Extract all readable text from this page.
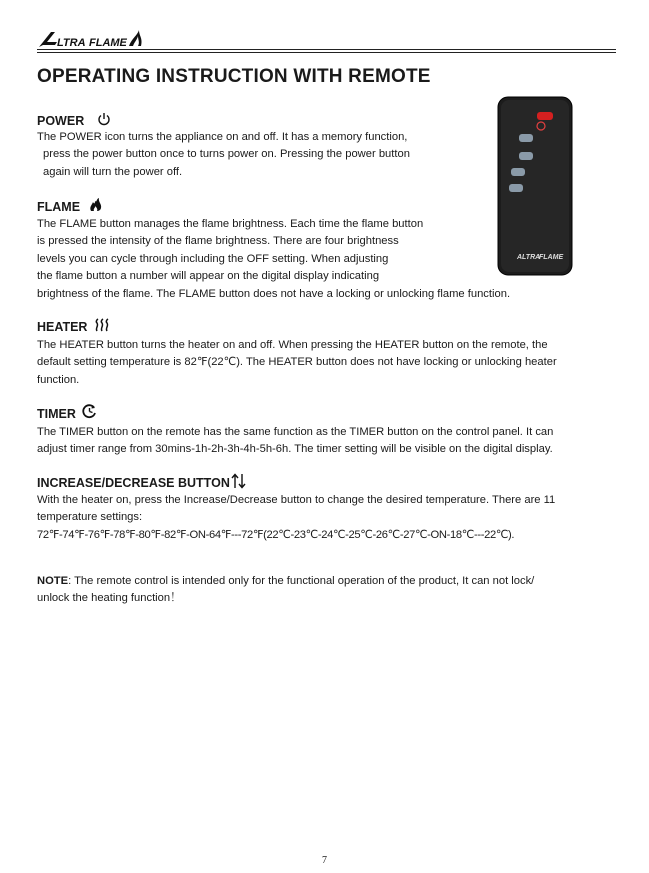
LTRA FLAME
OPERATING INSTRUCTION WITH REMOTE
ALTRA
FLAME
POWER
The POWER icon turns the appliance on and off. It has a memory function,
press the power button once to turns power on. Pressing the power button
again will turn the power off.
FLAME
The FLAME button manages the flame brightness. Each time the flame button
is pressed the intensity of the flame brightness. There are four brightness
levels you can cycle through including the OFF setting. When adjusting
the flame button a number will appear on the digital display indicating
brightness of the flame. The FLAME button does not have a locking or unlocking flame function.
HEATER
The HEATER button turns the heater on and off. When pressing the HEATER button on the remote, the
default setting temperature is 82℉(22℃). The HEATER button does not have locking or unlocking heater
function.
TIMER
The TIMER button on the remote has the same function as the TIMER button on the control panel. It can
adjust timer range from 30mins-1h-2h-3h-4h-5h-6h. The timer setting will be visible on the digital display.
INCREASE/DECREASE BUTTON
With the heater on, press the Increase/Decrease button to change the desired temperature. There are 11
temperature settings:
72℉-74℉-76℉-78℉-80℉-82℉-ON-64℉---72℉(22℃-23℃-24℃-25℃-26℃-27℃-ON-18℃---22℃).
NOTE: The remote control is intended only for the functional operation of the product, It can not lock/
unlock the heating function！
7
